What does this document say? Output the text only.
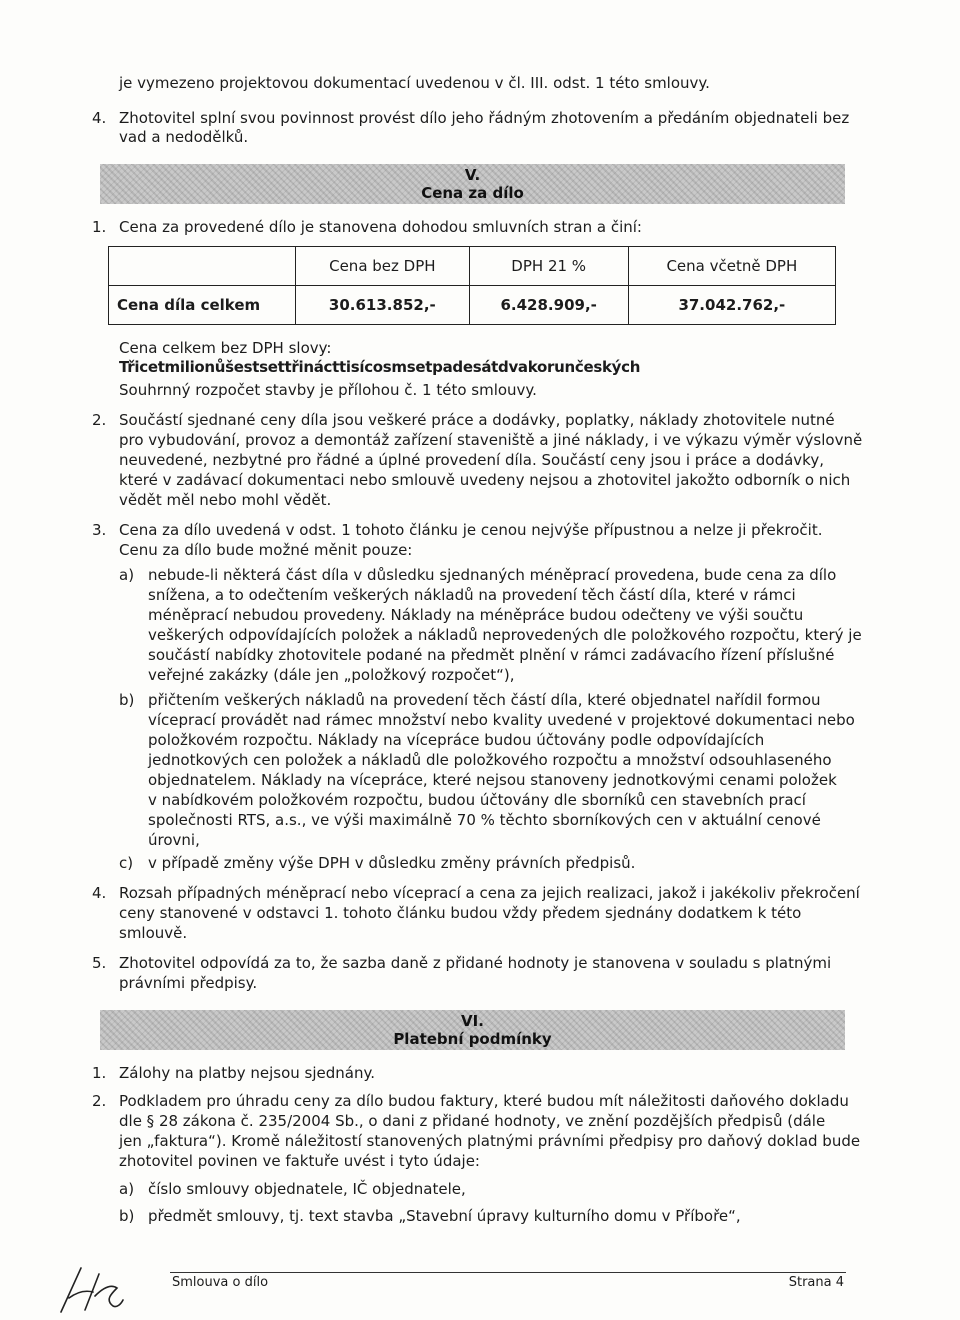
je vymezeno projektovou dokumentací uvedenou v čl. III. odst. 1 této smlouvy.
4. Zhotovitel splní svou povinnost provést dílo jeho řádným zhotovením a předáním objednateli bez
vad a nedodělků.
V.
Cena za dílo
1. Cena za provedené dílo je stanovena dohodou smluvních stran a činí:
	Cena bez DPH	DPH 21 %	Cena včetně DPH
Cena díla celkem	30.613.852,-	6.428.909,-	37.042.762,-
Cena celkem bez DPH slovy:
Třicetmilionůšestsettřinácttisícosmsetpadesátdvakorunčeských
Souhrnný rozpočet stavby je přílohou č. 1 této smlouvy.
2. Součástí sjednané ceny díla jsou veškeré práce a dodávky, poplatky, náklady zhotovitele nutné
pro vybudování, provoz a demontáž zařízení staveniště a jiné náklady, i ve výkazu výměr výslovně
neuvedené, nezbytné pro řádné a úplné provedení díla. Součástí ceny jsou i práce a dodávky,
které v zadávací dokumentaci nebo smlouvě uvedeny nejsou a zhotovitel jakožto odborník o nich
vědět měl nebo mohl vědět.
3. Cena za dílo uvedená v odst. 1 tohoto článku je cenou nejvýše přípustnou a nelze ji překročit.
Cenu za dílo bude možné měnit pouze:
a) nebude-li některá část díla v důsledku sjednaných méněprací provedena, bude cena za dílo
snížena, a to odečtením veškerých nákladů na provedení těch částí díla, které v rámci
méněprací nebudou provedeny. Náklady na méněpráce budou odečteny ve výši součtu
veškerých odpovídajících položek a nákladů neprovedených dle položkového rozpočtu, který je
součástí nabídky zhotovitele podané na předmět plnění v rámci zadávacího řízení příslušné
veřejné zakázky (dále jen „položkový rozpočet“),
b) přičtením veškerých nákladů na provedení těch částí díla, které objednatel nařídil formou
víceprací provádět nad rámec množství nebo kvality uvedené v projektové dokumentaci nebo
položkovém rozpočtu. Náklady na vícepráce budou účtovány podle odpovídajících
jednotkových cen položek a nákladů dle položkového rozpočtu a množství odsouhlaseného
objednatelem. Náklady na vícepráce, které nejsou stanoveny jednotkovými cenami položek
v nabídkovém položkovém rozpočtu, budou účtovány dle sborníků cen stavebních prací
společnosti RTS, a.s., ve výši maximálně 70 % těchto sborníkových cen v aktuální cenové
úrovni,
c) v případě změny výše DPH v důsledku změny právních předpisů.
4. Rozsah případných méněprací nebo víceprací a cena za jejich realizaci, jakož i jakékoliv překročení
ceny stanovené v odstavci 1. tohoto článku budou vždy předem sjednány dodatkem k této
smlouvě.
5. Zhotovitel odpovídá za to, že sazba daně z přidané hodnoty je stanovena v souladu s platnými
právními předpisy.
VI.
Platební podmínky
1. Zálohy na platby nejsou sjednány.
2. Podkladem pro úhradu ceny za dílo budou faktury, které budou mít náležitosti daňového dokladu
dle § 28 zákona č. 235/2004 Sb., o dani z přidané hodnoty, ve znění pozdějších předpisů (dále
jen „faktura“). Kromě náležitostí stanovených platnými právními předpisy pro daňový doklad bude
zhotovitel povinen ve faktuře uvést i tyto údaje:
a) číslo smlouvy objednatele, IČ objednatele,
b) předmět smlouvy, tj. text stavba „Stavební úpravy kulturního domu v Příboře“,
Smlouva o dílo	Strana 4
